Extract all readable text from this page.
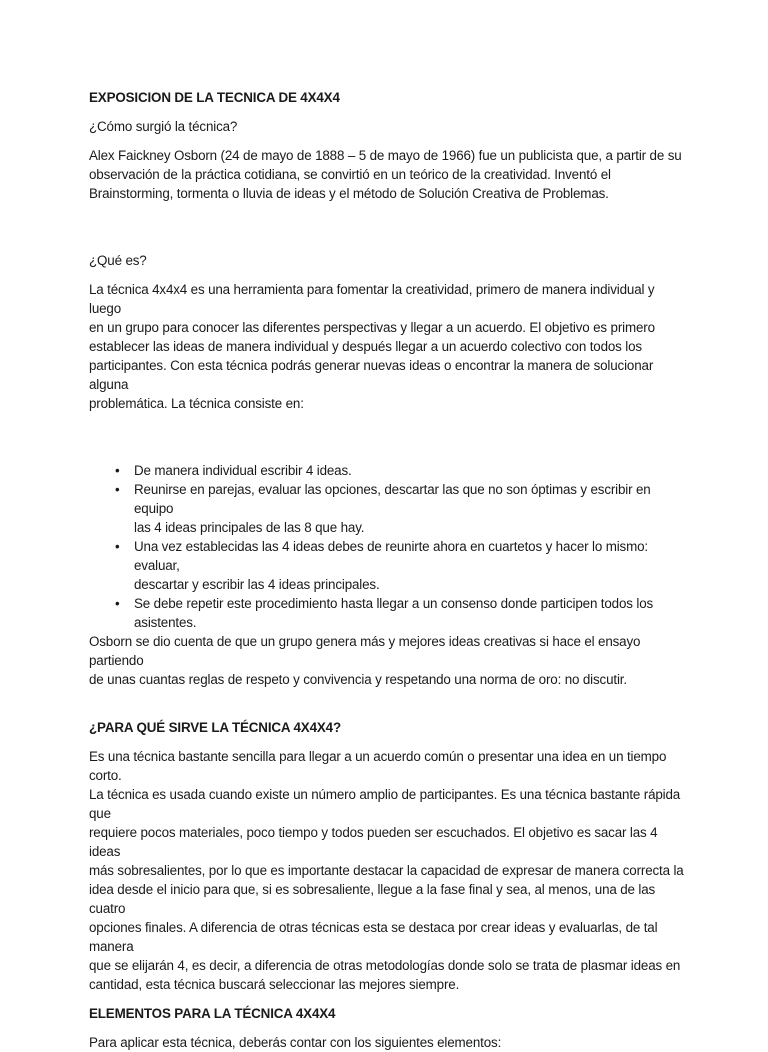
EXPOSICION DE LA TECNICA DE 4X4X4

¿Cómo surgió la técnica?

Alex Faickney Osborn (24 de mayo de 1888 – 5 de mayo de 1966) fue un publicista que, a partir de su
observación de la práctica cotidiana, se convirtió en un teórico de la creatividad. Inventó el
Brainstorming, tormenta o lluvia de ideas y el método de Solución Creativa de Problemas.

¿Qué es?

La técnica 4x4x4 es una herramienta para fomentar la creatividad, primero de manera individual y luego
en un grupo para conocer las diferentes perspectivas y llegar a un acuerdo. El objetivo es primero
establecer las ideas de manera individual y después llegar a un acuerdo colectivo con todos los
participantes. Con esta técnica podrás generar nuevas ideas o encontrar la manera de solucionar alguna
problemática. La técnica consiste en:

• De manera individual escribir 4 ideas.
• Reunirse en parejas, evaluar las opciones, descartar las que no son óptimas y escribir en equipo
las 4 ideas principales de las 8 que hay.
• Una vez establecidas las 4 ideas debes de reunirte ahora en cuartetos y hacer lo mismo: evaluar,
descartar y escribir las 4 ideas principales.
• Se debe repetir este procedimiento hasta llegar a un consenso donde participen todos los
asistentes.

Osborn se dio cuenta de que un grupo genera más y mejores ideas creativas si hace el ensayo partiendo
de unas cuantas reglas de respeto y convivencia y respetando una norma de oro: no discutir.

¿PARA QUÉ SIRVE LA TÉCNICA 4X4X4?

Es una técnica bastante sencilla para llegar a un acuerdo común o presentar una idea en un tiempo corto.
La técnica es usada cuando existe un número amplio de participantes. Es una técnica bastante rápida que
requiere pocos materiales, poco tiempo y todos pueden ser escuchados. El objetivo es sacar las 4 ideas
más sobresalientes, por lo que es importante destacar la capacidad de expresar de manera correcta la
idea desde el inicio para que, si es sobresaliente, llegue a la fase final y sea, al menos, una de las cuatro
opciones finales. A diferencia de otras técnicas esta se destaca por crear ideas y evaluarlas, de tal manera
que se elijarán 4, es decir, a diferencia de otras metodologías donde solo se trata de plasmar ideas en
cantidad, esta técnica buscará seleccionar las mejores siempre.

ELEMENTOS PARA LA TÉCNICA 4X4X4

Para aplicar esta técnica, deberás contar con los siguientes elementos:
